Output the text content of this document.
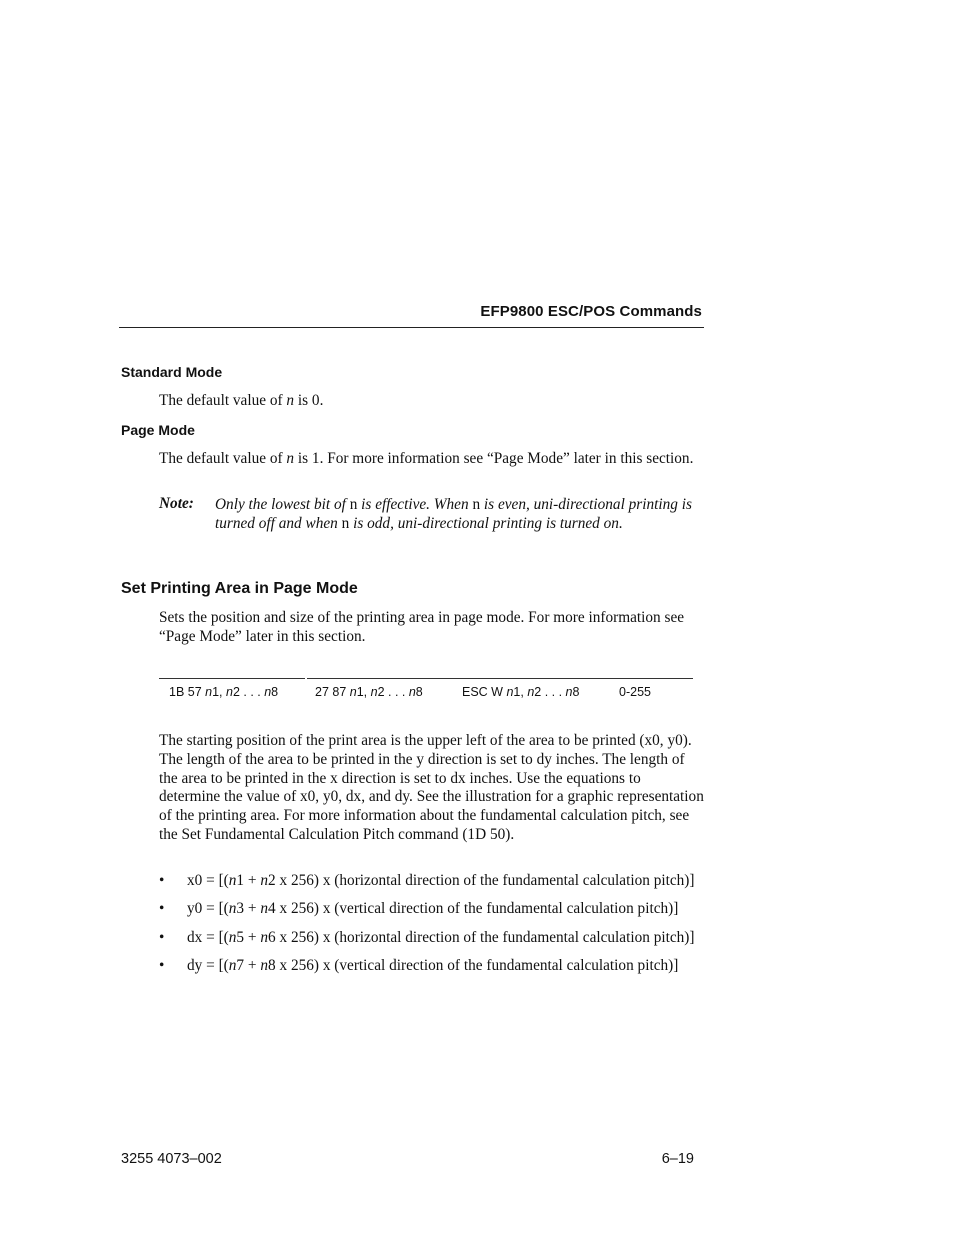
EFP9800 ESC/POS Commands
Standard Mode
The default value of n is 0.
Page Mode
The default value of n is 1. For more information see “Page Mode” later in this section.
Note: Only the lowest bit of n is effective. When n is even, uni-directional printing is turned off and when n is odd, uni-directional printing is turned on.
Set Printing Area in Page Mode
Sets the position and size of the printing area in page mode. For more information see “Page Mode” later in this section.
1B 57 n1, n2 . . . n8	27 87 n1, n2 . . . n8	ESC W n1, n2 . . . n8	0-255
The starting position of the print area is the upper left of the area to be printed (x0, y0). The length of the area to be printed in the y direction is set to dy inches. The length of the area to be printed in the x direction is set to dx inches. Use the equations to determine the value of x0, y0, dx, and dy. See the illustration for a graphic representation of the printing area. For more information about the fundamental calculation pitch, see the Set Fundamental Calculation Pitch command (1D 50).
• x0 = [(n1 + n2 x 256) x (horizontal direction of the fundamental calculation pitch)]
• y0 = [(n3 + n4 x 256) x (vertical direction of the fundamental calculation pitch)]
• dx = [(n5 + n6 x 256) x (horizontal direction of the fundamental calculation pitch)]
• dy = [(n7 + n8 x 256) x (vertical direction of the fundamental calculation pitch)]
3255 4073–002	6–19
